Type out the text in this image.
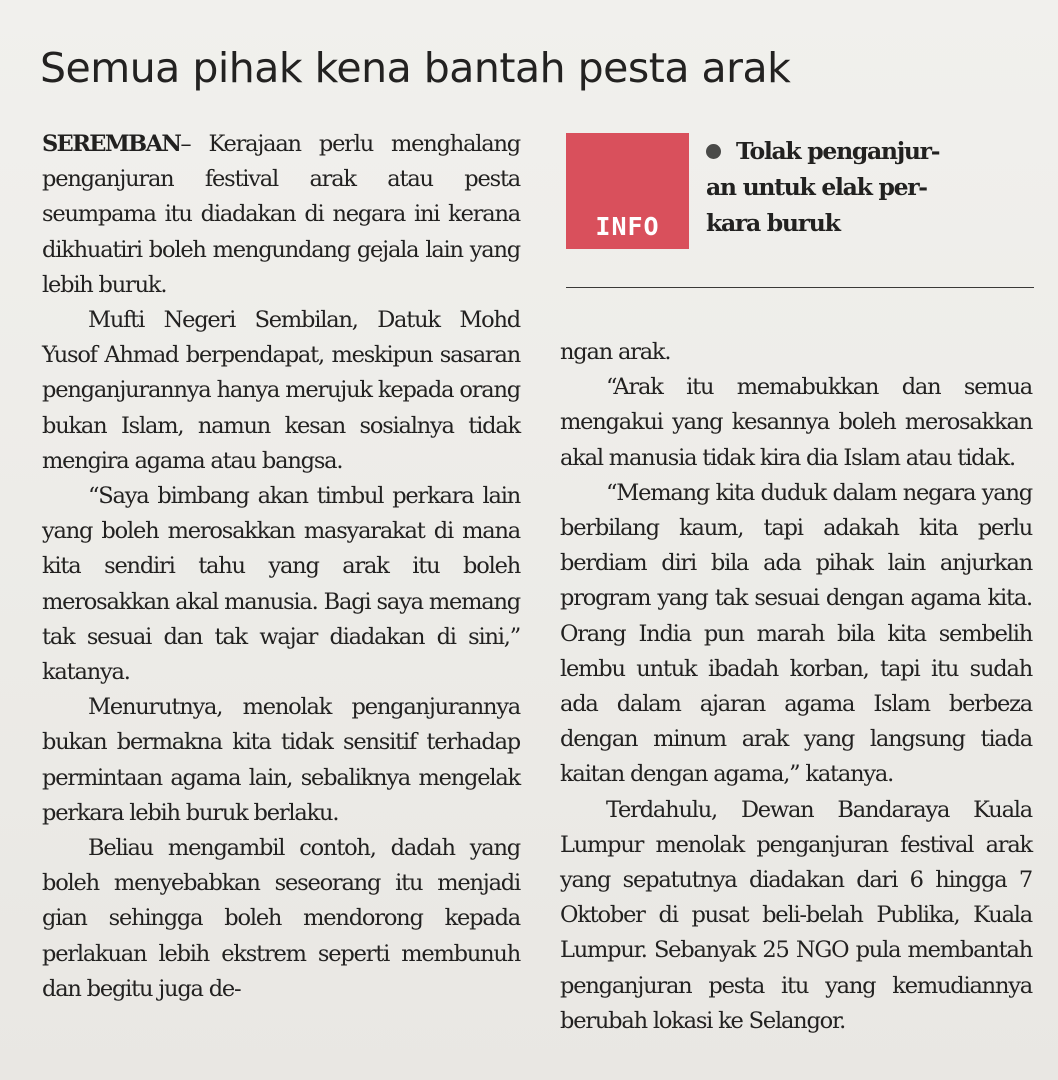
Semua pihak kena bantah pesta arak

SEREMBAN– Kerajaan perlu menghalang penganjuran festival arak atau pesta seumpama itu diadakan di negara ini kerana dikhuatiri boleh mengundang gejala lain yang lebih buruk.

Mufti Negeri Sembilan, Datuk Mohd Yusof Ahmad berpendapat, meskipun sasaran penganjurannya hanya merujuk kepada orang bukan Islam, namun kesan sosialnya tidak mengira agama atau bangsa.

“Saya bimbang akan timbul perkara lain yang boleh merosakkan masyarakat di mana kita sendiri tahu yang arak itu boleh merosakkan akal manusia. Bagi saya memang tak sesuai dan tak wajar diadakan di sini,” katanya.

Menurutnya, menolak penganjurannya bukan bermakna kita tidak sensitif terhadap permintaan agama lain, sebaliknya mengelak perkara lebih buruk berlaku.

Beliau mengambil contoh, dadah yang boleh menyebabkan seseorang itu menjadi gian sehingga boleh mendorong kepada perlakuan lebih ekstrem seperti membunuh dan begitu juga de-

INFO
Tolak penganjur-
an untuk elak per-
kara buruk

ngan arak.

“Arak itu memabukkan dan semua mengakui yang kesannya boleh merosakkan akal manusia tidak kira dia Islam atau tidak.

“Memang kita duduk dalam negara yang berbilang kaum, tapi adakah kita perlu berdiam diri bila ada pihak lain anjurkan program yang tak sesuai dengan agama kita. Orang India pun marah bila kita sembelih lembu untuk ibadah korban, tapi itu sudah ada dalam ajaran agama Islam berbeza dengan minum arak yang langsung tiada kaitan dengan agama,” katanya.

Terdahulu, Dewan Bandaraya Kuala Lumpur menolak penganjuran festival arak yang sepatutnya diadakan dari 6 hingga 7 Oktober di pusat beli-belah Publika, Kuala Lumpur. Sebanyak 25 NGO pula membantah penganjuran pesta itu yang kemudiannya berubah lokasi ke Selangor.
